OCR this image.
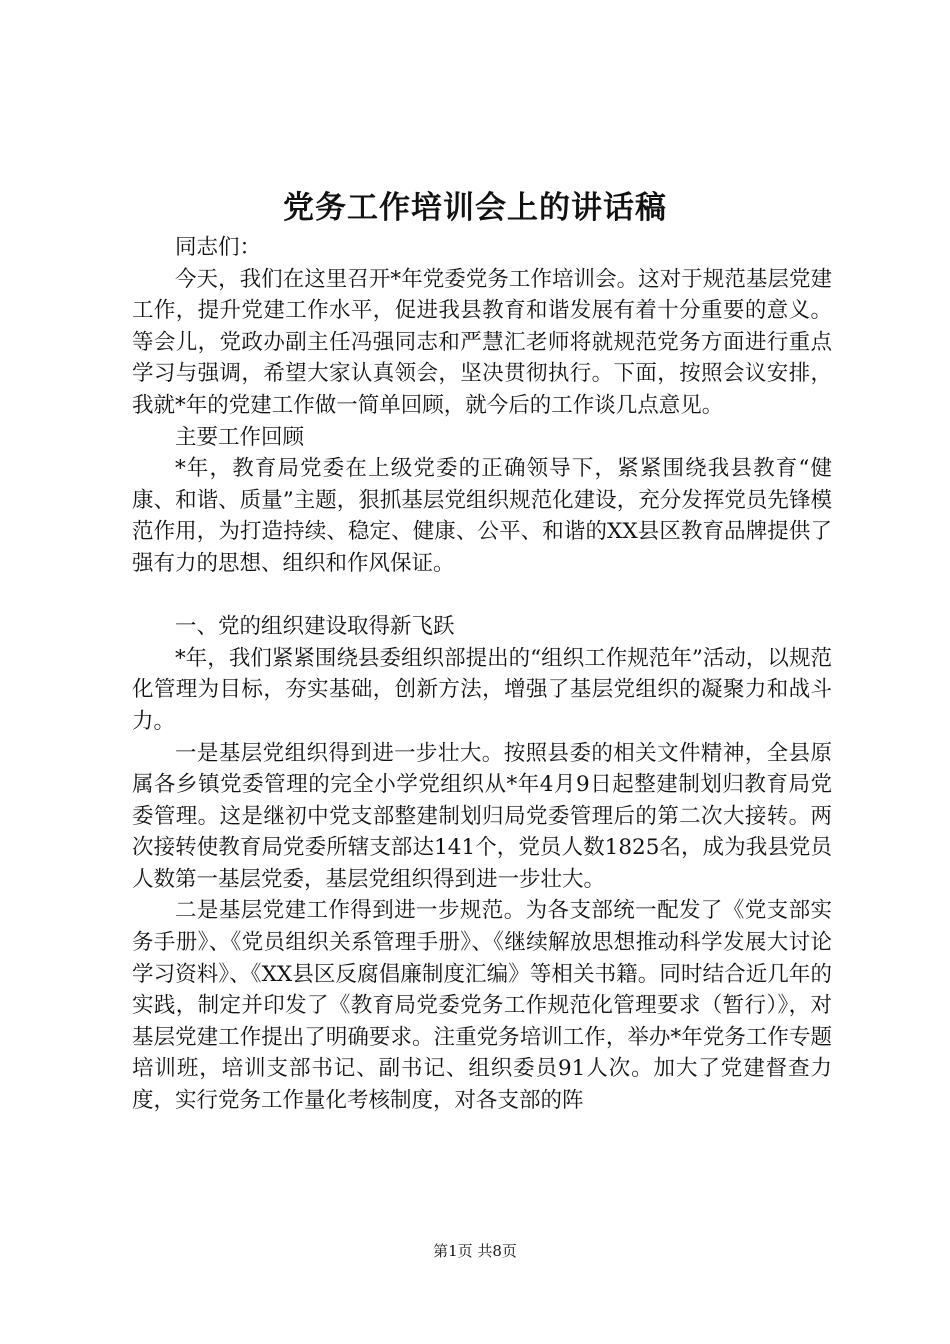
党务工作培训会上的讲话稿

同志们：

今天，我们在这里召开*年党委党务工作培训会。这对于规范基层党建工作，提升党建工作水平，促进我县教育和谐发展有着十分重要的意义。等会儿，党政办副主任冯强同志和严慧汇老师将就规范党务方面进行重点学习与强调，希望大家认真领会，坚决贯彻执行。下面，按照会议安排，我就*年的党建工作做一简单回顾，就今后的工作谈几点意见。

主要工作回顾

*年，教育局党委在上级党委的正确领导下，紧紧围绕我县教育“健康、和谐、质量”主题，狠抓基层党组织规范化建设，充分发挥党员先锋模范作用，为打造持续、稳定、健康、公平、和谐的XX县区教育品牌提供了强有力的思想、组织和作风保证。

一、党的组织建设取得新飞跃

*年，我们紧紧围绕县委组织部提出的“组织工作规范年”活动，以规范化管理为目标，夯实基础，创新方法，增强了基层党组织的凝聚力和战斗力。

一是基层党组织得到进一步壮大。按照县委的相关文件精神，全县原属各乡镇党委管理的完全小学党组织从*年4月9日起整建制划归教育局党委管理。这是继初中党支部整建制划归局党委管理后的第二次大接转。两次接转使教育局党委所辖支部达141个，党员人数1825名，成为我县党员人数第一基层党委，基层党组织得到进一步壮大。

二是基层党建工作得到进一步规范。为各支部统一配发了《党支部实务手册》、《党员组织关系管理手册》、《继续解放思想推动科学发展大讨论学习资料》、《XX县区反腐倡廉制度汇编》等相关书籍。同时结合近几年的实践，制定并印发了《教育局党委党务工作规范化管理要求（暂行）》，对基层党建工作提出了明确要求。注重党务培训工作，举办*年党务工作专题培训班，培训支部书记、副书记、组织委员91人次。加大了党建督查力度，实行党务工作量化考核制度，对各支部的阵

第1页 共8页
